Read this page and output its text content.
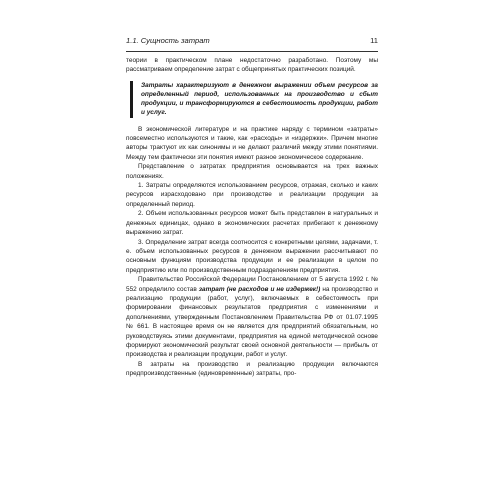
1.1. Сущность затрат	11

теории в практическом плане недостаточно разработано. Поэтому мы рассматриваем определение затрат с общепринятых практических позиций.

Затраты характеризуют в денежном выражении объем ресурсов за определенный период, использованных на производство и сбыт продукции, и трансформируются в себестоимость продукции, работ и услуг.

В экономической литературе и на практике наряду с термином «затраты» повсеместно используются и такие, как «расходы» и «издержки». Причем многие авторы трактуют их как синонимы и не делают различий между этими понятиями. Между тем фактически эти понятия имеют разное экономическое содержание.

Представление о затратах предприятия основывается на трех важных положениях.

1. Затраты определяются использованием ресурсов, отражая, сколько и каких ресурсов израсходовано при производстве и реализации продукции за определенный период.

2. Объем использованных ресурсов может быть представлен в натуральных и денежных единицах, однако в экономических расчетах прибегают к денежному выражению затрат.

3. Определение затрат всегда соотносится с конкретными целями, задачами, т. е. объем использованных ресурсов в денежном выражении рассчитывают по основным функциям производства продукции и ее реализации в целом по предприятию или по производственным подразделениям предприятия.

Правительство Российской Федерации Постановлением от 5 августа 1992 г. № 552 определило состав затрат (не расходов и не издержек!) на производство и реализацию продукции (работ, услуг), включаемых в себестоимость при формировании финансовых результатов предприятия с изменениями и дополнениями, утвержденным Постановлением Правительства РФ от 01.07.1995 № 661. В настоящее время он не является для предприятий обязательным, но руководствуясь этими документами, предприятия на единой методической основе формируют экономический результат своей основной деятельности — прибыль от производства и реализации продукции, работ и услуг.

В затраты на производство и реализацию продукции включаются предпроизводственные (единовременные) затраты, про-
